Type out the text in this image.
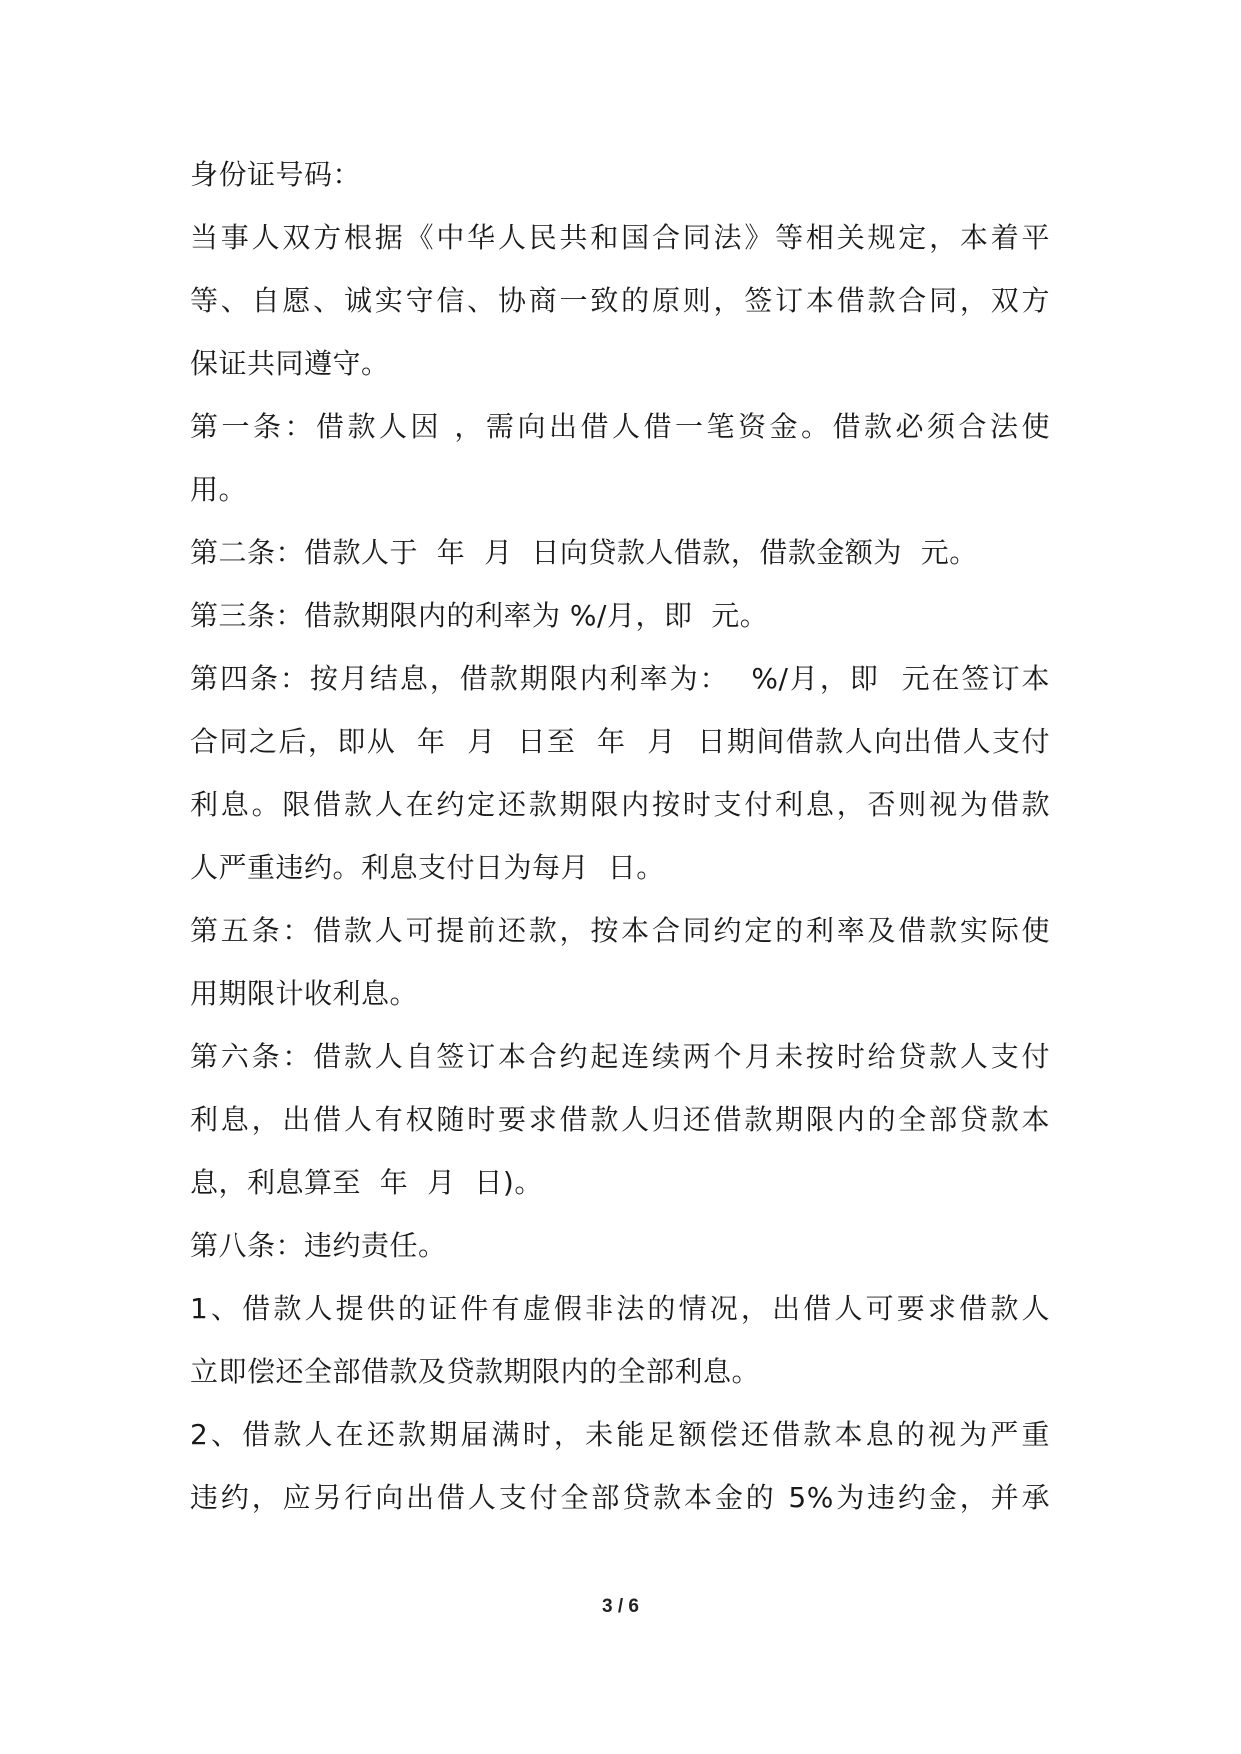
身份证号码：
当事人双方根据《中华人民共和国合同法》等相关规定，本着平
等、自愿、诚实守信、协商一致的原则，签订本借款合同，双方
保证共同遵守。
第一条：借款人因 ，需向出借人借一笔资金。借款必须合法使
用。
第二条：借款人于  年  月  日向贷款人借款，借款金额为  元。
第三条：借款期限内的利率为 %/月，即  元。
第四条：按月结息，借款期限内利率为：  %/月，即  元在签订本
合同之后，即从  年  月  日至  年  月  日期间借款人向出借人支付
利息。限借款人在约定还款期限内按时支付利息，否则视为借款
人严重违约。利息支付日为每月  日。
第五条：借款人可提前还款，按本合同约定的利率及借款实际使
用期限计收利息。
第六条：借款人自签订本合约起连续两个月未按时给贷款人支付
利息，出借人有权随时要求借款人归还借款期限内的全部贷款本
息，利息算至  年  月  日)。
第八条：违约责任。
1、借款人提供的证件有虚假非法的情况，出借人可要求借款人
立即偿还全部借款及贷款期限内的全部利息。
2、借款人在还款期届满时，未能足额偿还借款本息的视为严重
违约，应另行向出借人支付全部贷款本金的 5%为违约金，并承
3 / 6
